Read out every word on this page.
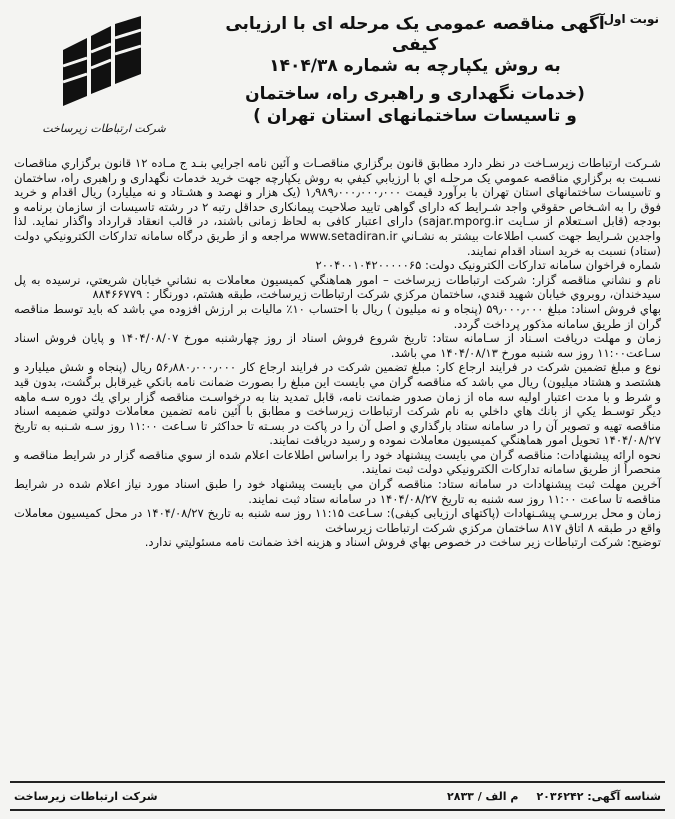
نوبت اول
آگهی مناقصه عمومی یک مرحله ای با ارزیابی کیفی
به روش یکپارچه به شماره ۱۴۰۴/۳۸
(خدمات نگهداری و راهبری راه، ساختمان
و تاسیسات ساختمانهای استان تهران )
شرکت ارتباطات زیرساخت

شـرکت ارتباطات زیرسـاخت در نظر دارد مطابق قانون برگزاري مناقصـات و آئين نامه اجرايي بنـد ج مـاده ۱۲ قانون برگزاري مناقصات نسـبت به برگزاري مناقصه عمومي يک مرحلـه اي با ارزيابي كيفي به روش يكپارچه جهت خرید خدمات نگهداری و راهبری راه، ساختمان و تاسیسات ساختمانهای استان تهران با برآورد قيمت ۱٫۹۸۹٫۰۰۰٫۰۰۰٫۰۰۰ (یک هزار و نهصد و هشـتاد و نه ميليارد) ريال اقدام و خريد فوق را به اشـخاص حقوقي واجد شـرايط که دارای گواهی تایید صلاحیت پیمانکاری حداقل رتبه ۲ در رشته تاسیسات از سازمان برنامه و بودجه (قابل اسـتعلام از سـایت sajar.mporg.ir) دارای اعتبار کافی به لحاظ زمانی باشند، در قالب انعقاد قرارداد واگذار نماید. لذا واجدين شـرايط جهت کسب اطلاعات بيشتر به نشـاني www.setadiran.ir مراجعه و از طريق درگاه سامانه تداركات الكترونيكي دولت (ستاد) نسبت به خريد اسناد اقدام نمايند.

شماره فراخوان سامانه تدارکات الکترونیک دولت: ۲۰۰۴۰۰۱۰۴۲۰۰۰۰۰۶۵

نام و نشاني مناقصه گزار: شركت ارتباطات زيرساخت – امور هماهنگي كميسيون معاملات به نشاني خيابان شريعتي، نرسيده به پل سيدخندان، روبروي خيابان شهيد قندي، ساختمان مركزي شركت ارتباطات زيرساخت، طبقه هشتم، دورنگار : ۸۸۴۶۶۷۷۹

بهاي فروش اسناد: مبلغ ۵۹٫۰۰۰٫۰۰۰ (پنجاه و نه ميليون ) ريال با احتساب ۱۰٪ ماليات بر ارزش افزوده مي باشد كه بايد توسط مناقصه گران از طريق سامانه مذكور پرداخت گردد.

زمان و مهلت دريافت اسـناد از سـامانه ستاد: تاریخ شروع فروش اسناد از روز چهارشنبه مورخ ۱۴۰۴/۰۸/۰۷ و پايان فروش اسناد سـاعت۱۱:۰۰ روز سه شنبه مورخ ۱۴۰۴/۰۸/۱۳ مي باشد.

نوع و مبلغ تضمين شركت در فرايند ارجاع کار: مبلغ تضمين شركت در فرايند ارجاع كار ۵۶٫۸۸۰٫۰۰۰٫۰۰۰ ريال (پنجاه و شش ميليارد و هشتصد و هشتاد ميليون) ريال مي باشد كه مناقصه گران مي بايست اين مبلغ را بصورت ضمانت نامه بانكي غيرقابل برگشت، بدون قيد و شرط و با مدت اعتبار اوليه سه ماه از زمان صدور ضمانت نامه، قابل تمديد بنا به درخواسـت مناقصه گزار براي يك دوره سـه ماهه ديگر توسـط يكي از بانك هاي داخلي به نام شركت ارتباطات زيرساخت و مطابق با آئين نامه تضمين معاملات دولتي ضميمه اسناد مناقصه تهيه و تصوير آن را در سامانه ستاد بارگذاري و اصل آن را در پاكت در بسـته تا حداكثر تا سـاعت ۱۱:۰۰ روز سـه شـنبه به تاريخ ۱۴۰۴/۰۸/۲۷ تحويل امور هماهنگي كميسيون معاملات نموده و رسيد دريافت نمايند.

نحوه ارائه پيشنهادات: مناقصه گران مي بايست پيشنهاد خود را براساس اطلاعات اعلام شده از سوي مناقصه گزار در شرايط مناقصه و منحصراً از طريق سامانه تداركات الكترونيكي دولت ثبت نمايند.

آخرين مهلت ثبت پيشنهادات در سامانه ستاد: مناقصه گران مي بايست پيشنهاد خود را طبق اسناد مورد نياز اعلام شده در شرايط مناقصه تا ساعت ۱۱:۰۰ روز سه شنبه به تاريخ ۱۴۰۴/۰۸/۲۷ در سامانه ستاد ثبت نمايند.

زمان و محل بررسـي پيشـنهادات (پاکتهای ارزیابی کیفی): سـاعت ۱۱:۱۵ روز سه شنبه به تاريخ ۱۴۰۴/۰۸/۲۷ در محل كميسيون معاملات واقع در طبقه ۸ اتاق ۸۱۷ ساختمان مركزي شركت ارتباطات زيرساخت

توضيح: شركت ارتباطات زير ساخت در خصوص بهاي فروش اسناد و هزينه اخذ ضمانت نامه مسئوليتي ندارد.

شناسه آگهی: ۲۰۳۶۲۴۲
م الف / ۲۸۳۳
شرکت ارتباطات زیرساخت
